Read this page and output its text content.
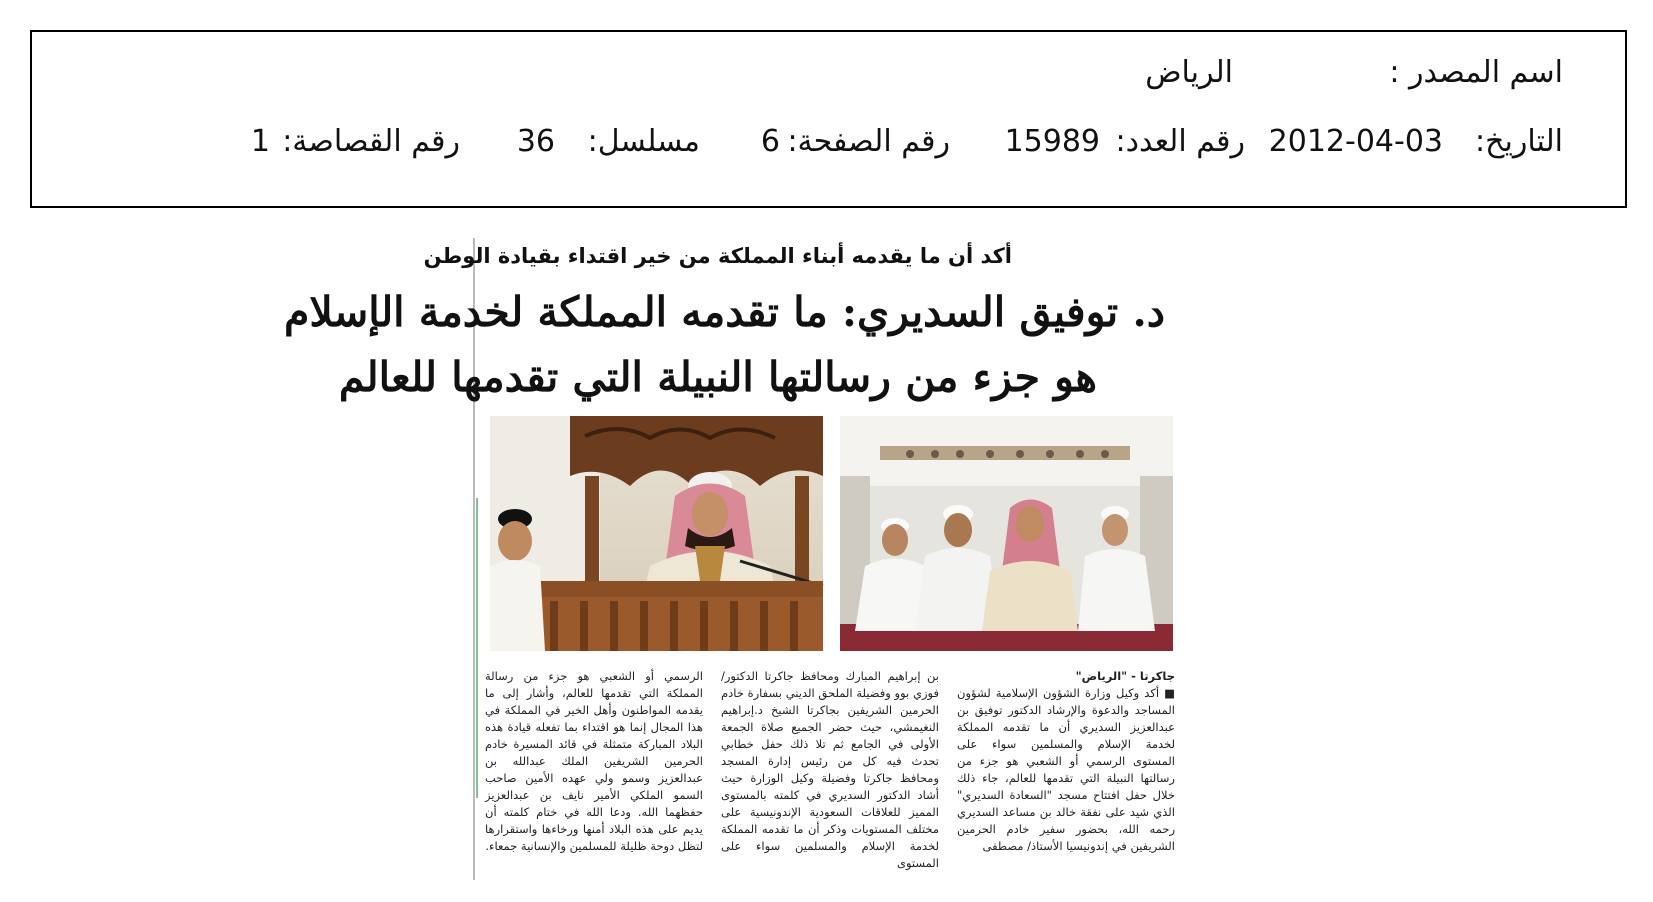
اسم المصدر :
الرياض
التاريخ:
2012-04-03
رقم العدد:
15989
رقم الصفحة:
6
مسلسل:
36
رقم القصاصة:
1
أكد أن ما يقدمه أبناء المملكة من خير اقتداء بقيادة الوطن
د. توفيق السديري: ما تقدمه المملكة لخدمة الإسلام
هو جزء من رسالتها النبيلة التي تقدمها للعالم
جاكرتا - "الرياض"
■ أكد وكيل وزارة الشؤون الإسلامية لشؤون المساجد والدعوة والإرشاد الدكتور توفيق بن عبدالعزيز السديري أن ما تقدمه المملكة لخدمة الإسلام والمسلمين سواء على المستوى الرسمي أو الشعبي هو جزء من رسالتها النبيلة التي تقدمها للعالم، جاء ذلك خلال حفل افتتاح مسجد "السعادة السديري" الذي شيد على نفقة خالد بن مساعد السديري رحمه الله، بحضور سفير خادم الحرمين الشريفين في إندونيسيا الأستاذ/ مصطفى
بن إبراهيم المبارك ومحافظ جاكرتا الدكتور/ فوزي بوو وفضيلة الملحق الديني بسفارة خادم الحرمين الشريفين بجاكرتا الشيخ د.إبراهيم النغيمشي، حيث حضر الجميع صلاة الجمعة الأولى في الجامع ثم تلا ذلك حفل خطابي تحدث فيه كل من رئيس إدارة المسجد ومحافظ جاكرتا وفضيلة وكيل الوزارة حيث أشاد الدكتور السديري في كلمته بالمستوى المميز للعلاقات السعودية الإندونيسية على مختلف المستويات وذكر أن ما تقدمه المملكة لخدمة الإسلام والمسلمين سواء على المستوى
الرسمي أو الشعبي هو جزء من رسالة المملكة التي تقدمها للعالم، وأشار إلى ما يقدمه المواطنون وأهل الخير في المملكة في هذا المجال إنما هو اقتداء بما تفعله قيادة هذه البلاد المباركة متمثلة في قائد المسيرة خادم الحرمين الشريفين الملك عبدالله بن عبدالعزيز وسمو ولي عهده الأمين صاحب السمو الملكي الأمير نايف بن عبدالعزيز حفظهما الله. ودعا الله في ختام كلمته أن يديم على هذه البلاد أمنها ورخاءها واستقرارها لتظل دوحة ظليلة للمسلمين والإنسانية جمعاء.
